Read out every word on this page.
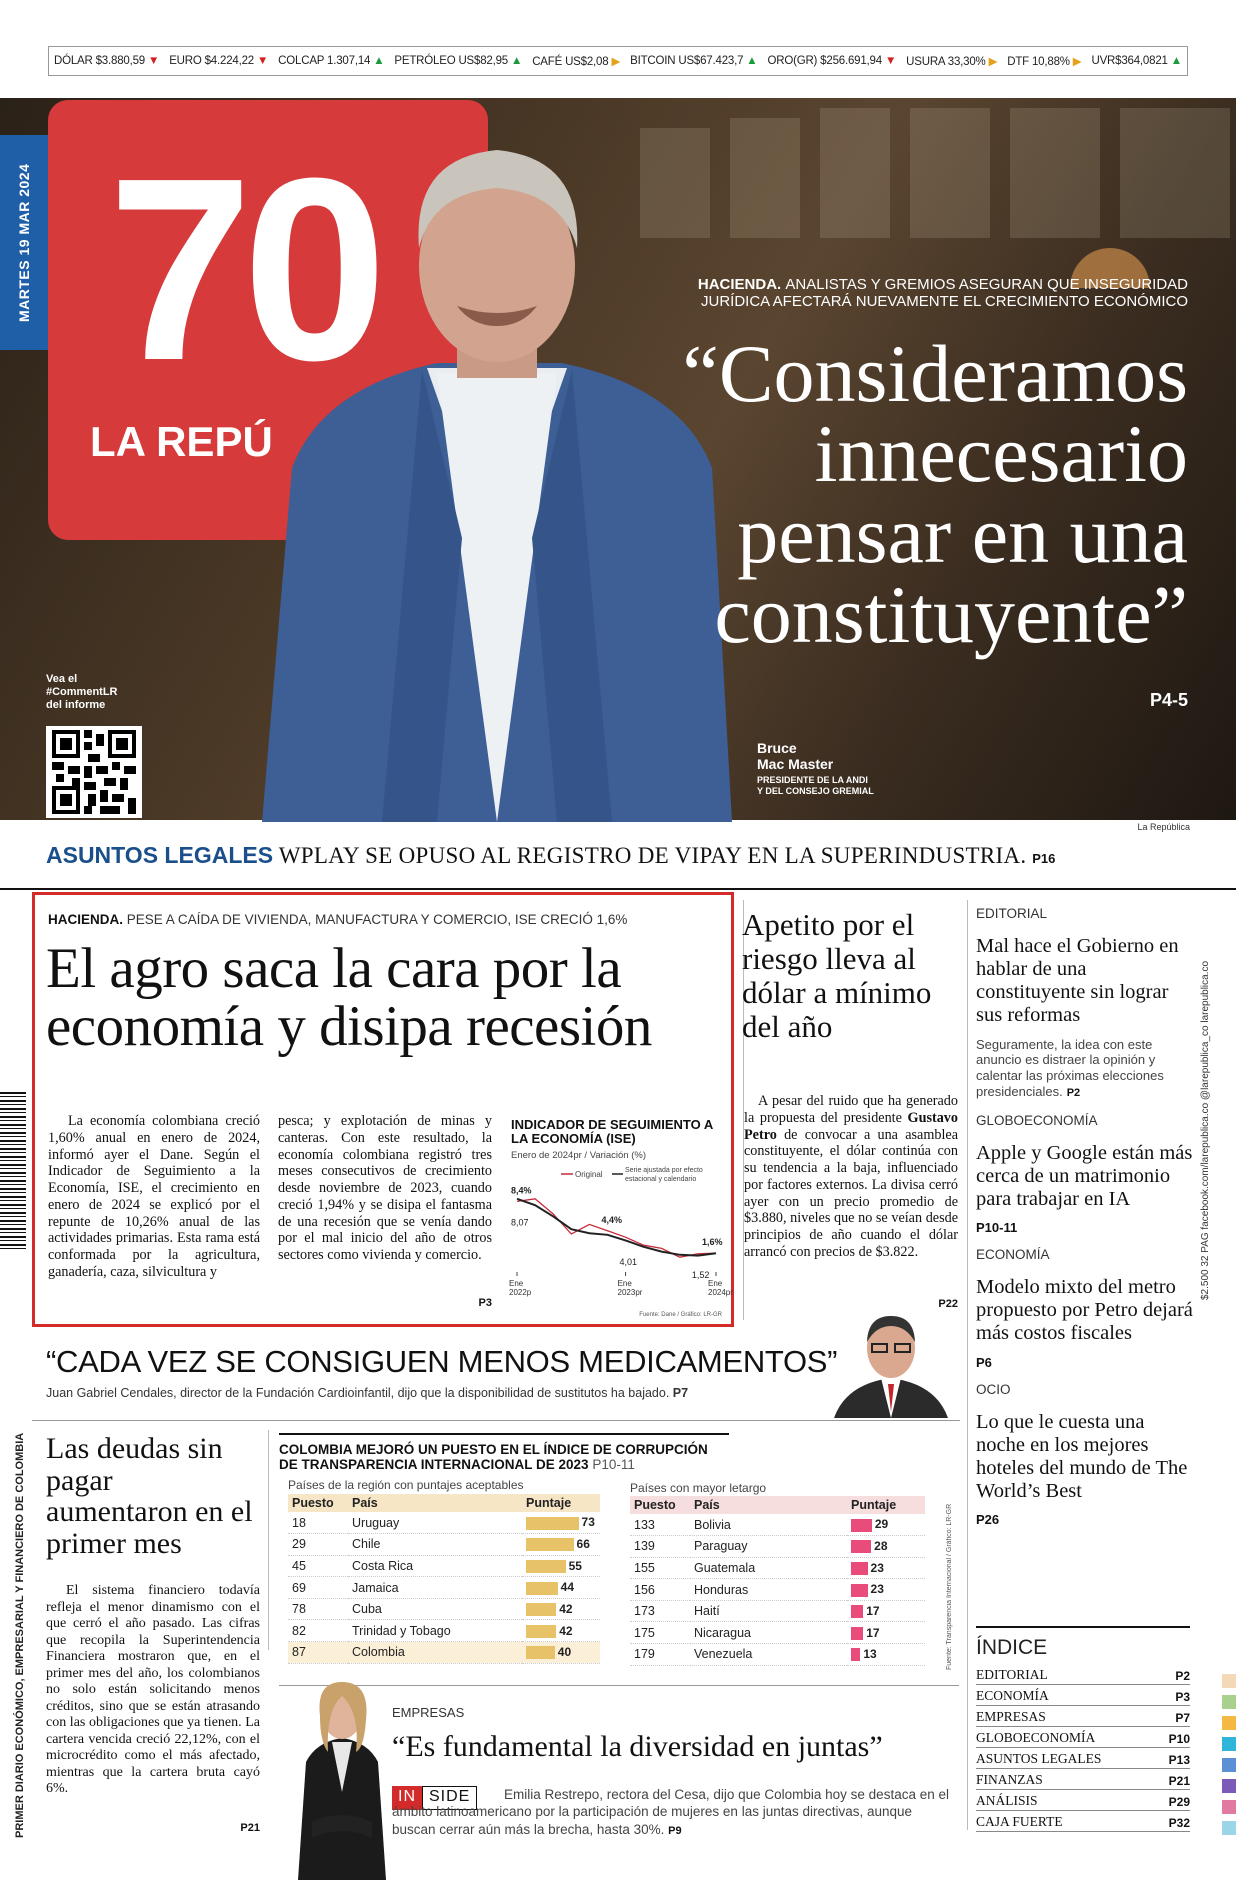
DÓLAR $3.880,59 ▼ EURO $4.224,22 ▼ COLCAP 1.307,14 ▲ PETRÓLEO US$82,95 ▲ CAFÉ US$2,08 ▶ BITCOIN US$67.423,7 ▲ ORO(GR) $256.691,94 ▼ USURA 33,30% ▶ DTF 10,88% ▶ UVR$364,0821 ▲
70
LA REPÚ
MARTES 19 MAR 2024	HACIENDA. ANALISTAS Y GREMIOS ASEGURAN QUE INSEGURIDAD JURÍDICA AFECTARÁ NUEVAMENTE EL CRECIMIENTO ECONÓMICO
“Consideramos innecesario pensar en una constituyente”
P4-5
Bruce
Mac Master
PRESIDENTE DE LA ANDI
Y DEL CONSEJO GREMIAL
Vea el
#CommentLR
del informe
La República
ASUNTOS LEGALES WPLAY SE OPUSO AL REGISTRO DE VIPAY EN LA SUPERINDUSTRIA. P16
PRIMER DIARIO ECONÓMICO, EMPRESARIAL Y FINANCIERO DE COLOMBIA
HACIENDA. PESE A CAÍDA DE VIVIENDA, MANUFACTURA Y COMERCIO, ISE CRECIÓ 1,6%
El agro saca la cara por la economía y disipa recesión
La economía colombiana creció 1,60% anual en enero de 2024, informó ayer el Dane. Según el Indicador de Seguimiento a la Economía, ISE, el crecimiento en enero de 2024 se explicó por el repunte de 10,26% anual de las actividades primarias. Esta rama está conformada por la agricultura, ganadería, caza, silvicultura y
pesca; y explotación de minas y canteras. Con este resultado, la economía colombiana registró tres meses consecutivos de crecimiento desde noviembre de 2023, cuando creció 1,94% y se disipa el fantasma de una recesión que se venía dando por el mal inicio del año de otros sectores como vivienda y comercio.
P3
INDICADOR DE SEGUIMIENTO A LA ECONOMÍA (ISE)
Enero de 2024pr / Variación (%)
Original	Serie ajustada por efecto estacional y calendario
8,4%
8,07	4,4%
4,01
1,6%
1,52
Ene 2022p
Ene 2023pr
Ene 2024pr
Fuente: Dane / Gráfico: LR-GR
Apetito por el riesgo lleva al dólar a mínimo del año
A pesar del ruido que ha generado la propuesta del presidente Gustavo Petro de convocar a una asamblea constituyente, el dólar continúa con su tendencia a la baja, influenciado por factores externos. La divisa cerró ayer con un precio promedio de $3.880, niveles que no se veían desde principios de año cuando el dólar arrancó con precios de $3.822.
P22
“CADA VEZ SE CONSIGUEN MENOS MEDICAMENTOS”
Juan Gabriel Cendales, director de la Fundación Cardioinfantil, dijo que la disponibilidad de sustitutos ha bajado. P7
Las deudas sin pagar aumentaron en el primer mes
El sistema financiero todavía refleja el menor dinamismo con el que cerró el año pasado. Las cifras que recopila la Superintendencia Financiera mostraron que, en el primer mes del año, los colombianos no solo están solicitando menos créditos, sino que se están atrasando con las obligaciones que ya tienen. La cartera vencida creció 22,12%, con el microcrédito como el más afectado, mientras que la cartera bruta cayó 6%.
P21
COLOMBIA MEJORÓ UN PUESTO EN EL ÍNDICE DE CORRUPCIÓN
DE TRANSPARENCIA INTERNACIONAL DE 2023 P10-11
Países de la región con puntajes aceptables	Países con mayor letargo
Puesto	País	Puntaje
18	Uruguay	73
29	Chile	66
45	Costa Rica	55
69	Jamaica	44
78	Cuba	42
82	Trinidad y Tobago	42
87	Colombia	40
Puesto	País	Puntaje
133	Bolivia	29
139	Paraguay	28
155	Guatemala	23
156	Honduras	23
173	Haití	17
175	Nicaragua	17
179	Venezuela	13	Fuente: Transparencia Internacional / Gráfico: LR-GR
EMPRESAS
“Es fundamental la diversidad en juntas”
IN SIDE	Emilia Restrepo, rectora del Cesa, dijo que Colombia hoy se destaca en el ámbito latinoamericano por la participación de mujeres en las juntas directivas, aunque buscan cerrar aún más la brecha, hasta 30%. P9
EDITORIAL
Mal hace el Gobierno en hablar de una constituyente sin lograr sus reformas
Seguramente, la idea con este anuncio es distraer la opinión y calentar las próximas elecciones presidenciales. P2
GLOBOECONOMÍA
Apple y Google están más cerca de un matrimonio para trabajar en IA
P10-11
ECONOMÍA
Modelo mixto del metro propuesto por Petro dejará más costos fiscales
P6
OCIO
Lo que le cuesta una noche en los mejores hoteles del mundo de The World’s Best
P26
$2.500 32 PAG facebook.com/larepublica.co @larepublica_co larepublica.co
ÍNDICE
EDITORIAL	P2
ECONOMÍA	P3
EMPRESAS	P7
GLOBOECONOMÍA	P10
ASUNTOS LEGALES	P13
FINANZAS	P21
ANÁLISIS	P29
CAJA FUERTE	P32
